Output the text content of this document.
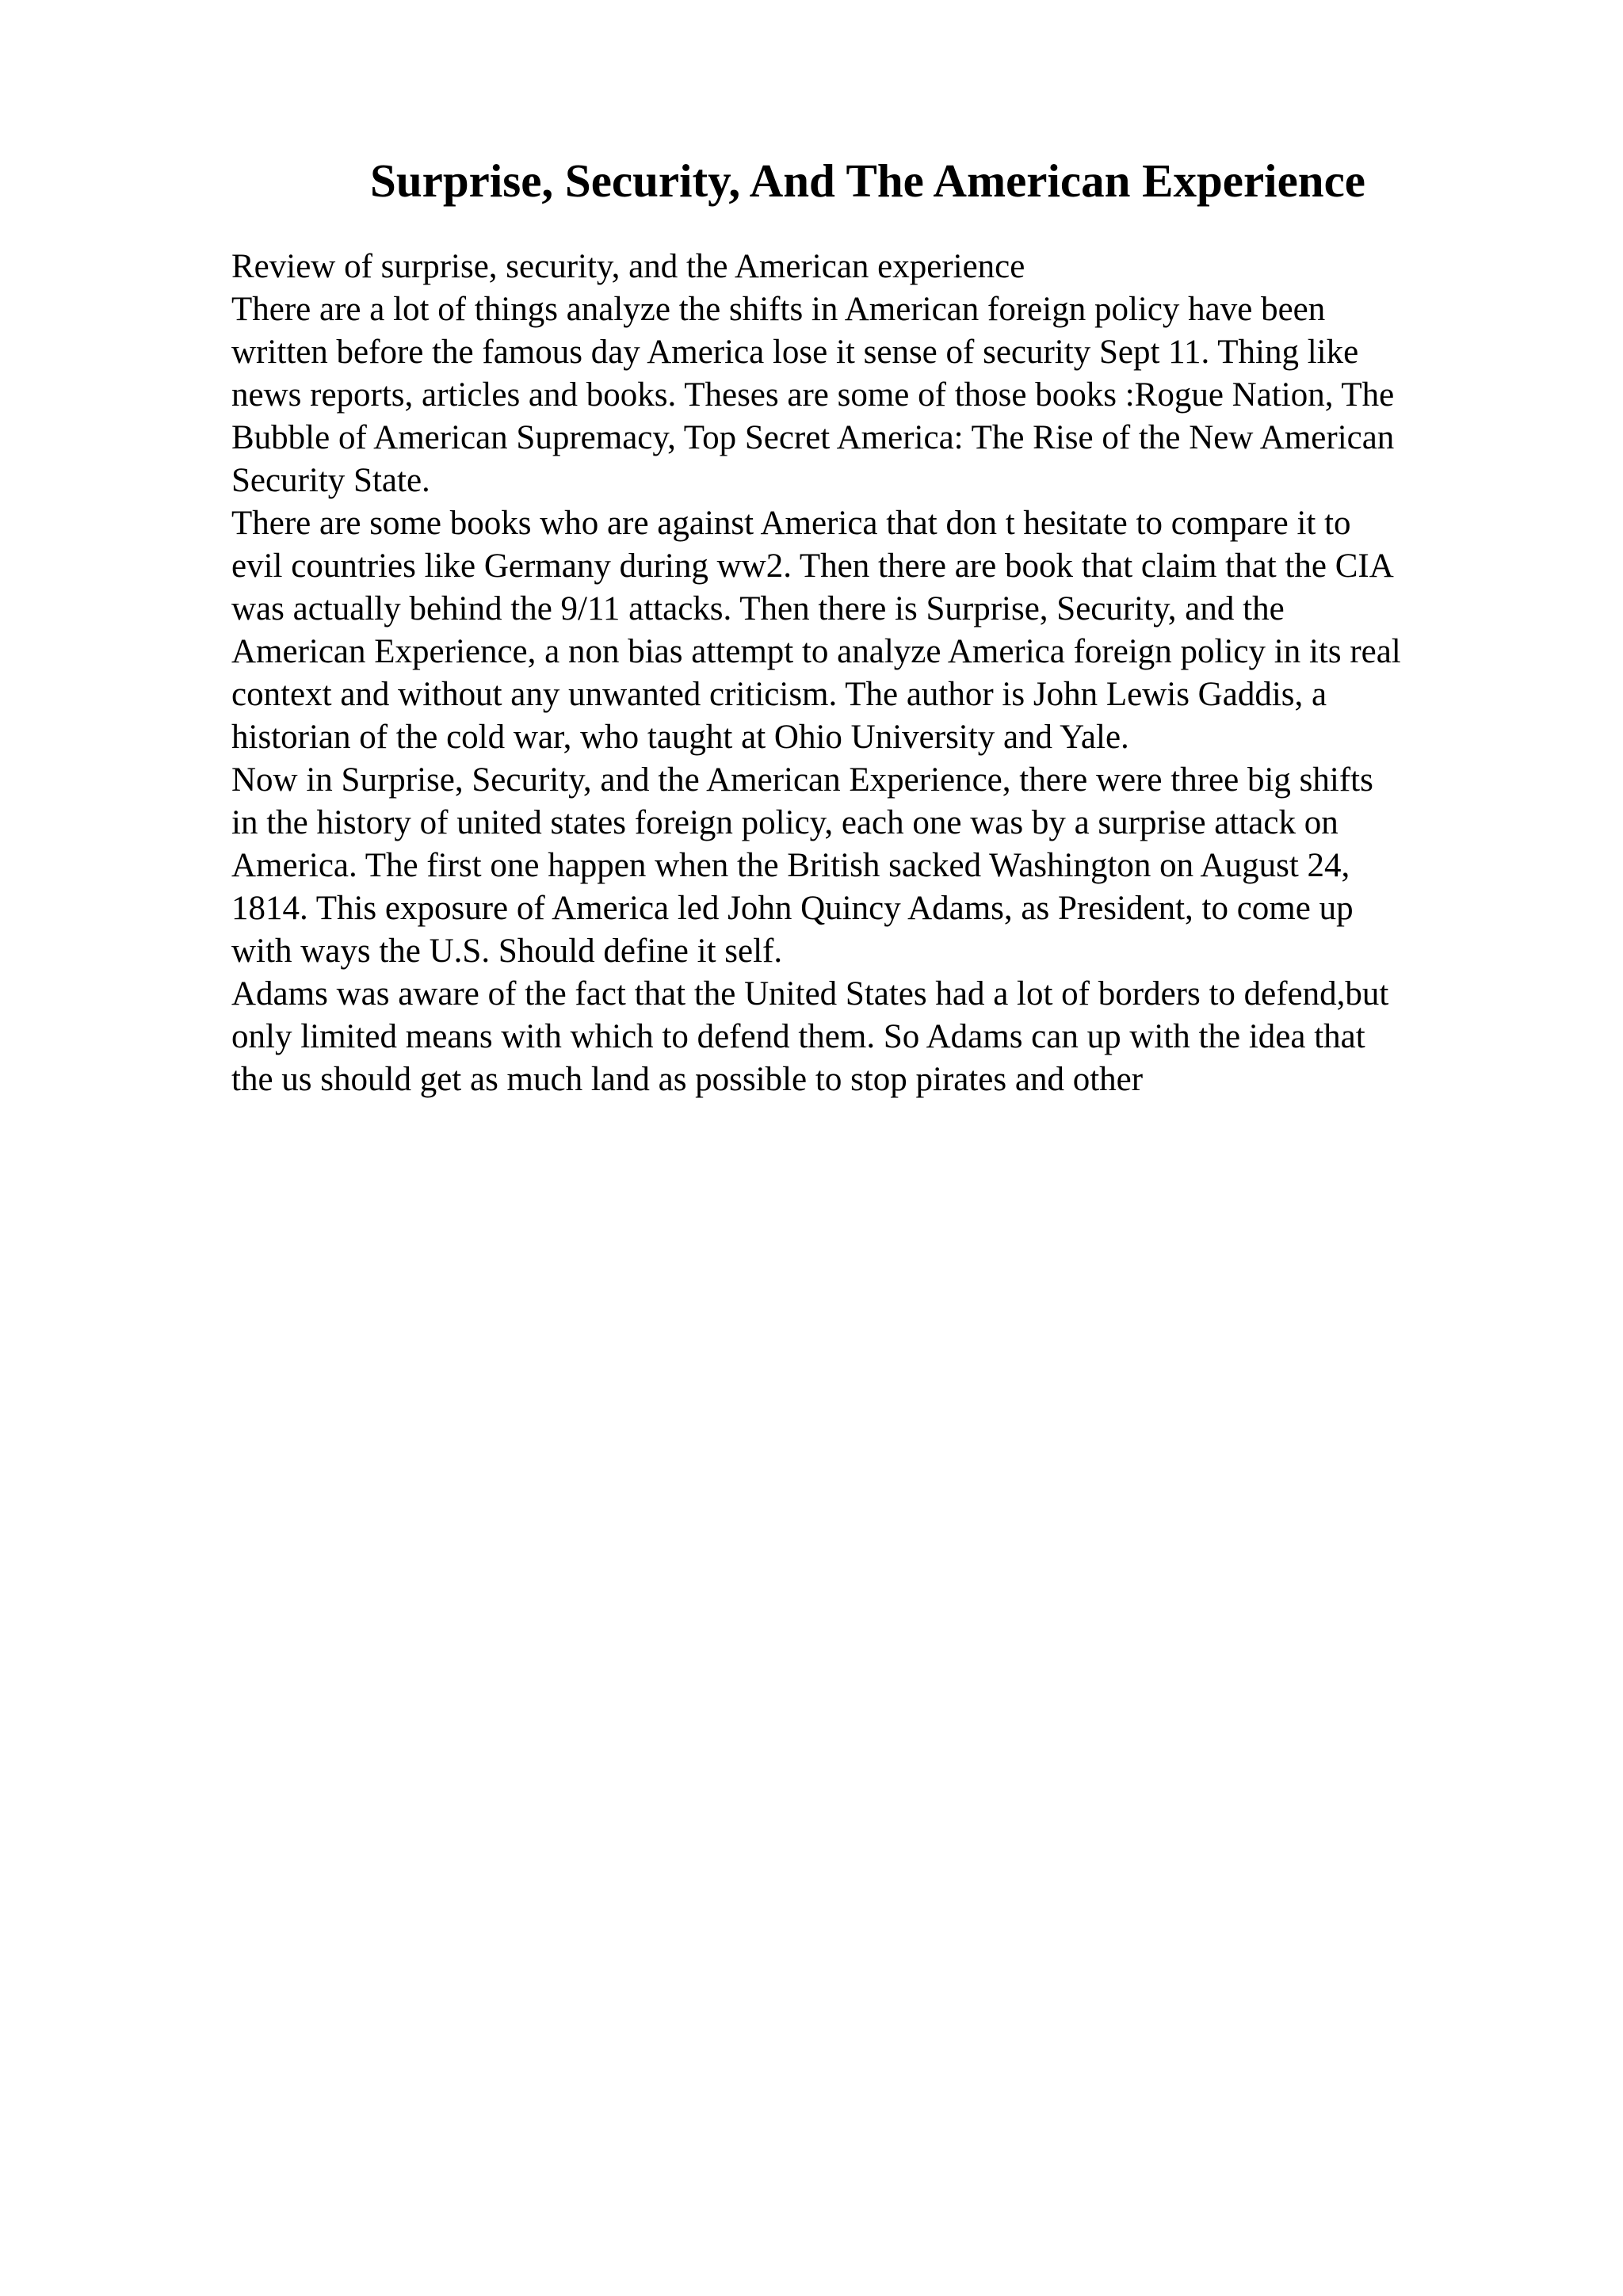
Surprise, Security, And The American Experience
Review of surprise, security, and the American experience
There are a lot of things analyze the shifts in American foreign policy have been
written before the famous day America lose it sense of security Sept 11. Thing like
news reports, articles and books. Theses are some of those books :Rogue Nation, The
Bubble of American Supremacy, Top Secret America: The Rise of the New American
Security State.
There are some books who are against America that don t hesitate to compare it to
evil countries like Germany during ww2. Then there are book that claim that the CIA
was actually behind the 9/11 attacks. Then there is Surprise, Security, and the
American Experience, a non bias attempt to analyze America foreign policy in its real
context and without any unwanted criticism. The author is John Lewis Gaddis, a
historian of the cold war, who taught at Ohio University and Yale.
Now in Surprise, Security, and the American Experience, there were three big shifts
in the history of united states foreign policy, each one was by a surprise attack on
America. The first one happen when the British sacked Washington on August 24,
1814. This exposure of America led John Quincy Adams, as President, to come up
with ways the U.S. Should define it self.
Adams was aware of the fact that the United States had a lot of borders to defend,but
only limited means with which to defend them. So Adams can up with the idea that
the us should get as much land as possible to stop pirates and other
